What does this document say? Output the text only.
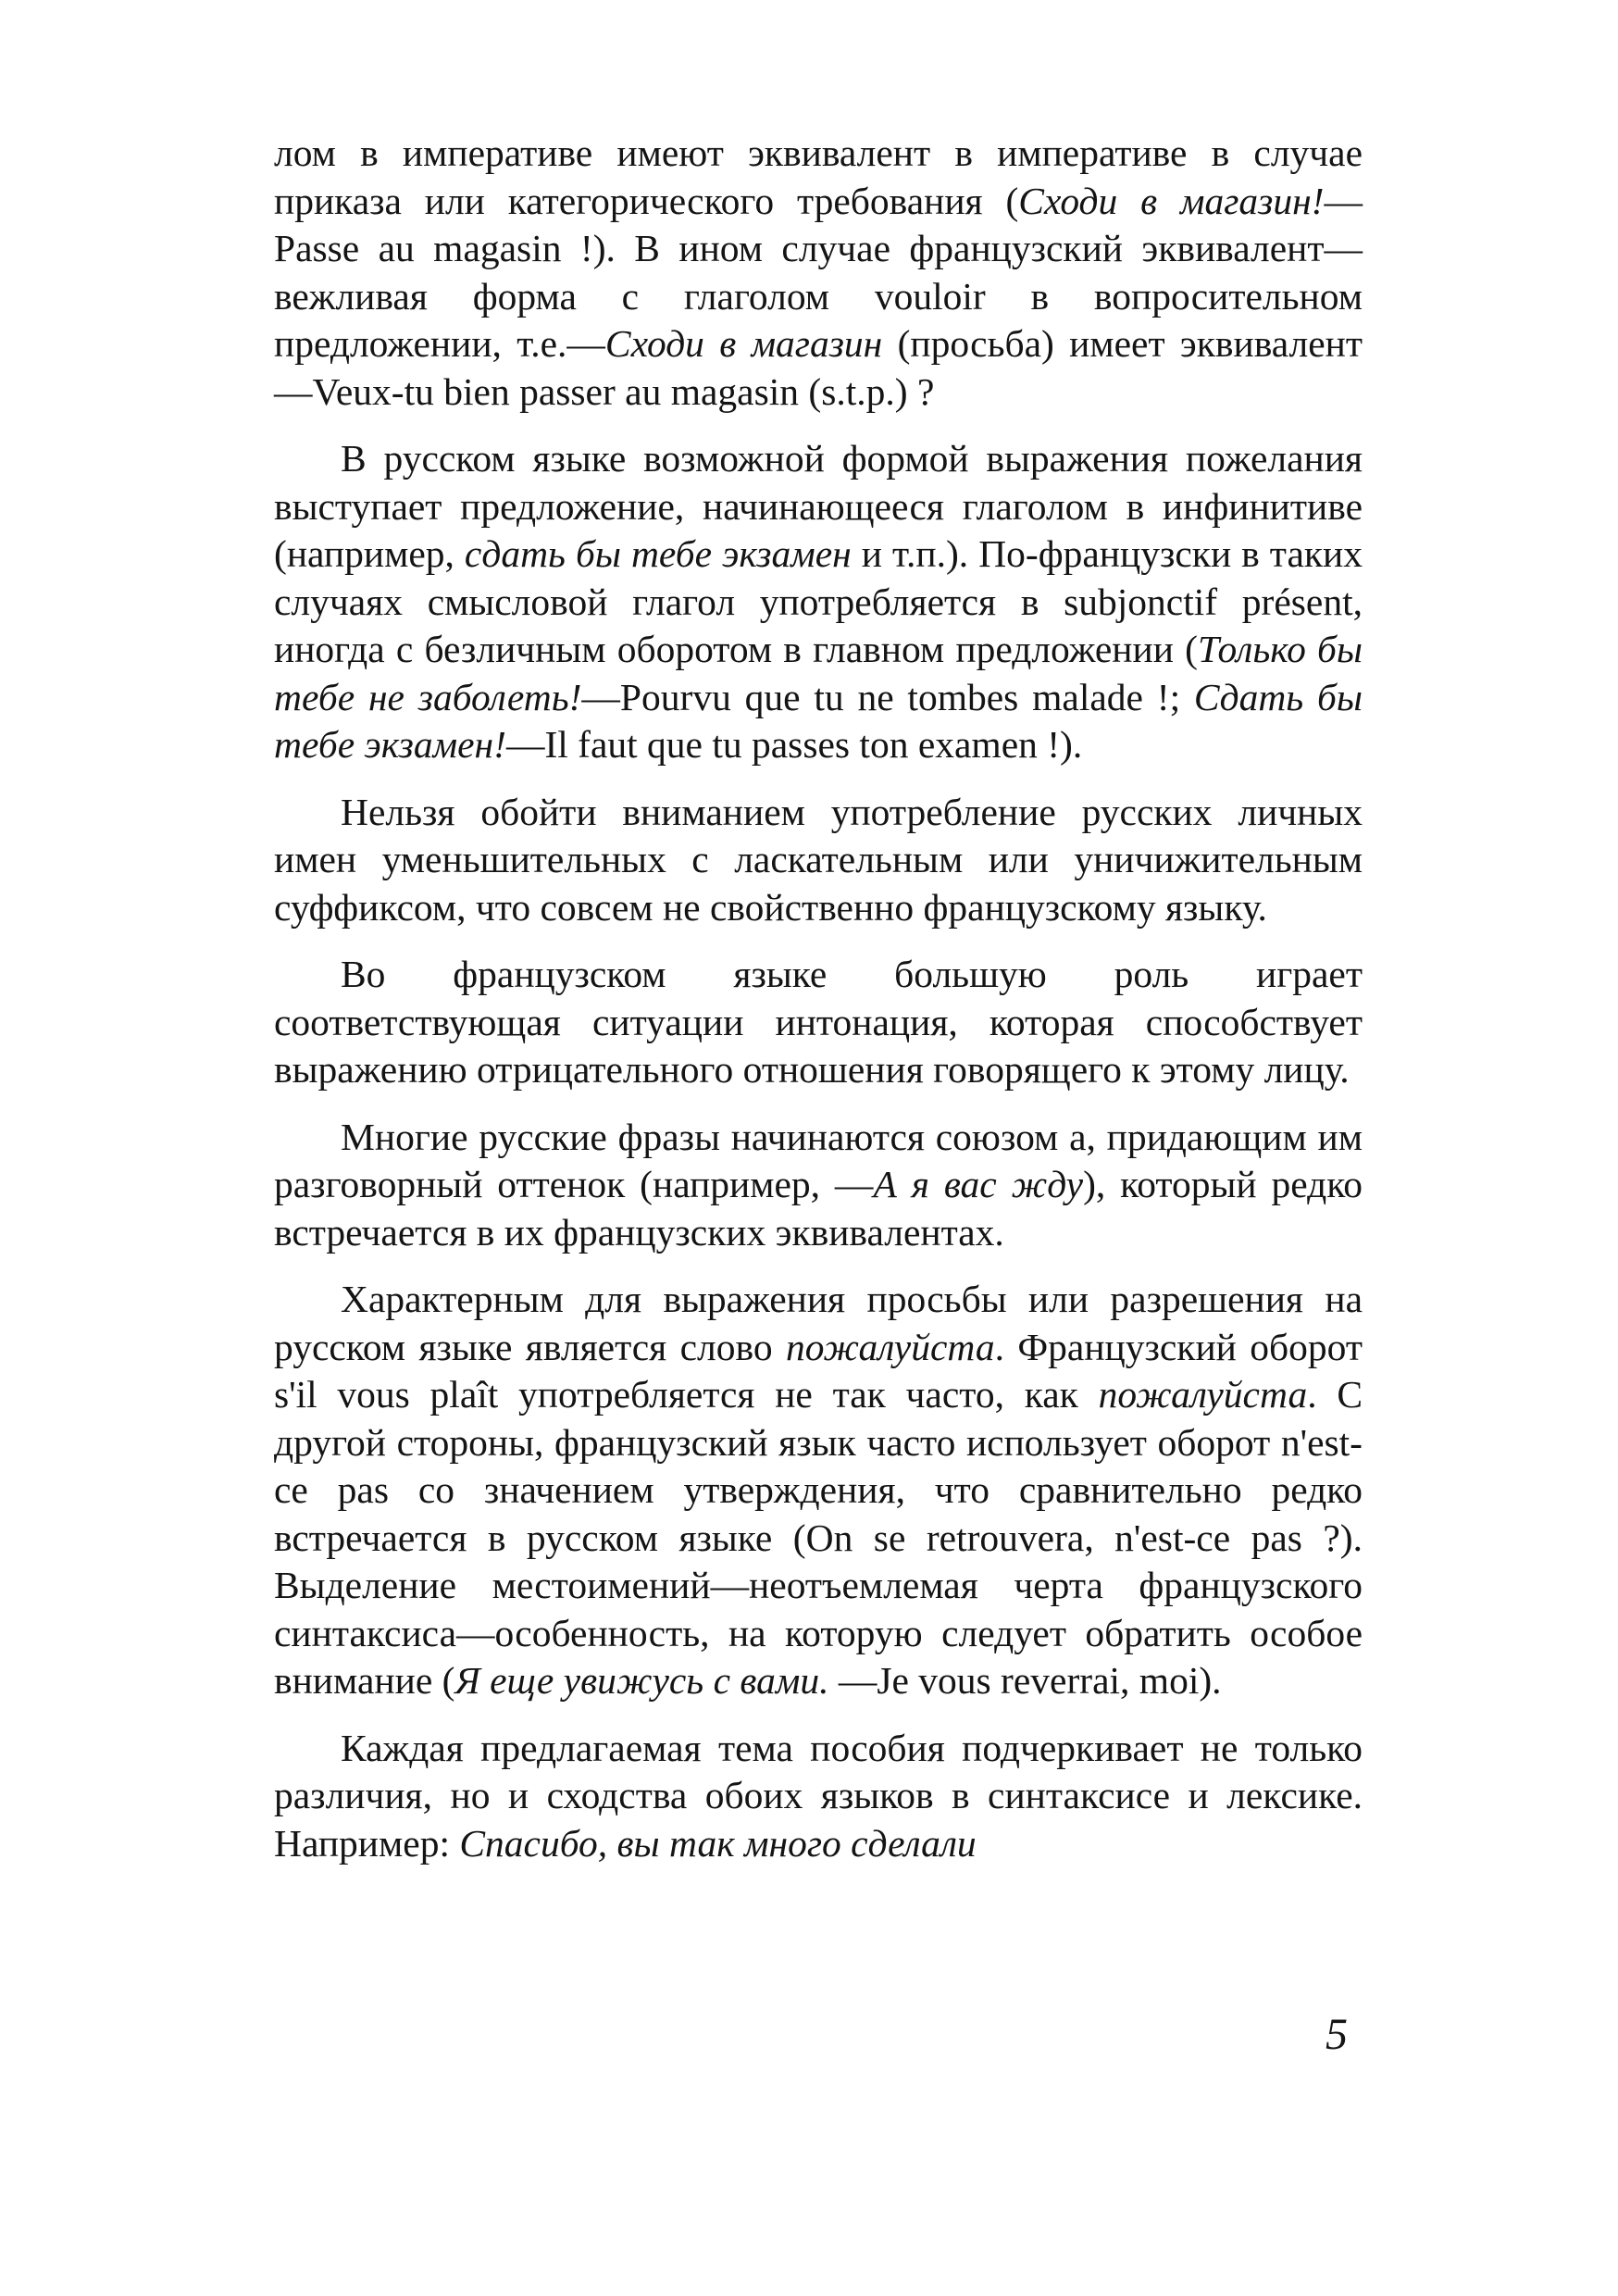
лом в императиве имеют эквивалент в императиве в случае приказа или категорического требования (Сходи в магазин!—Passe au magasin !). В ином случае французский эквивалент—вежливая форма с глаголом vouloir в вопросительном предложении, т.е.—Сходи в магазин (просьба) имеет эквивалент—Veux-tu bien passer au magasin (s.t.p.) ?

В русском языке возможной формой выражения пожелания выступает предложение, начинающееся глаголом в инфинитиве (например, сдать бы тебе экзамен и т.п.). По-французски в таких случаях смысловой глагол употребляется в subjonctif présent, иногда с безличным оборотом в главном предложении (Только бы тебе не заболеть!—Pourvu que tu ne tombes malade !; Сдать бы тебе экзамен!—Il faut que tu passes ton examen !).

Нельзя обойти вниманием употребление русских личных имен уменьшительных с ласкательным или уничижительным суффиксом, что совсем не свойственно французскому языку.

Во французском языке большую роль играет соответствующая ситуации интонация, которая способствует выражению отрицательного отношения говорящего к этому лицу.

Многие русские фразы начинаются союзом а, придающим им разговорный оттенок (например, —А я вас жду), который редко встречается в их французских эквивалентах.

Характерным для выражения просьбы или разрешения на русском языке является слово пожалуйста. Французский оборот s'il vous plaît употребляется не так часто, как пожалуйста. С другой стороны, французский язык часто использует оборот n'est-ce pas со значением утверждения, что сравнительно редко встречается в русском языке (On se retrouvera, n'est-ce pas ?). Выделение местоимений—неотъемлемая черта французского синтаксиса—особенность, на которую следует обратить особое внимание (Я еще увижусь с вами. —Je vous reverrai, moi).

Каждая предлагаемая тема пособия подчеркивает не только различия, но и сходства обоих языков в синтаксисе и лексике. Например: Спасибо, вы так много сделали

5
